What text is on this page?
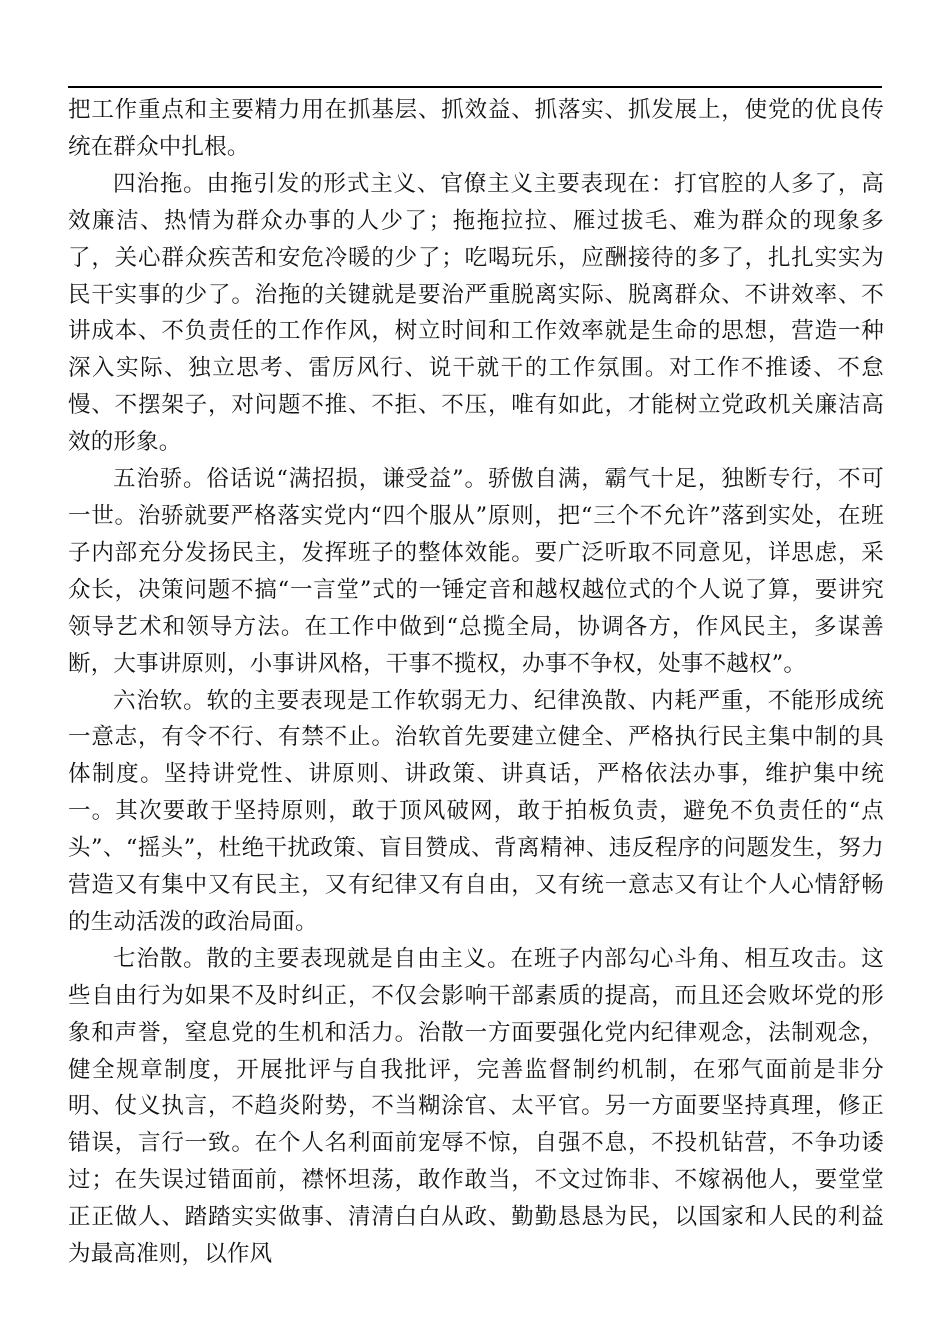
把工作重点和主要精力用在抓基层、抓效益、抓落实、抓发展上，使党的优良传统在群众中扎根。

四治拖。由拖引发的形式主义、官僚主义主要表现在：打官腔的人多了，高效廉洁、热情为群众办事的人少了；拖拖拉拉、雁过拔毛、难为群众的现象多了，关心群众疾苦和安危冷暖的少了；吃喝玩乐，应酬接待的多了，扎扎实实为民干实事的少了。治拖的关键就是要治严重脱离实际、脱离群众、不讲效率、不讲成本、不负责任的工作作风，树立时间和工作效率就是生命的思想，营造一种深入实际、独立思考、雷厉风行、说干就干的工作氛围。对工作不推诿、不怠慢、不摆架子，对问题不推、不拒、不压，唯有如此，才能树立党政机关廉洁高效的形象。

五治骄。俗话说“满招损，谦受益”。骄傲自满，霸气十足，独断专行，不可一世。治骄就要严格落实党内“四个服从”原则，把“三个不允许”落到实处，在班子内部充分发扬民主，发挥班子的整体效能。要广泛听取不同意见，详思虑，采众长，决策问题不搞“一言堂”式的一锤定音和越权越位式的个人说了算，要讲究领导艺术和领导方法。在工作中做到“总揽全局，协调各方，作风民主，多谋善断，大事讲原则，小事讲风格，干事不揽权，办事不争权，处事不越权”。

六治软。软的主要表现是工作软弱无力、纪律涣散、内耗严重，不能形成统一意志，有令不行、有禁不止。治软首先要建立健全、严格执行民主集中制的具体制度。坚持讲党性、讲原则、讲政策、讲真话，严格依法办事，维护集中统一。其次要敢于坚持原则，敢于顶风破网，敢于拍板负责，避免不负责任的“点头”、“摇头”，杜绝干扰政策、盲目赞成、背离精神、违反程序的问题发生，努力营造又有集中又有民主，又有纪律又有自由，又有统一意志又有让个人心情舒畅的生动活泼的政治局面。

七治散。散的主要表现就是自由主义。在班子内部勾心斗角、相互攻击。这些自由行为如果不及时纠正，不仅会影响干部素质的提高，而且还会败坏党的形象和声誉，窒息党的生机和活力。治散一方面要强化党内纪律观念，法制观念，健全规章制度，开展批评与自我批评，完善监督制约机制，在邪气面前是非分明、仗义执言，不趋炎附势，不当糊涂官、太平官。另一方面要坚持真理，修正错误，言行一致。在个人名利面前宠辱不惊，自强不息，不投机钻营，不争功诿过；在失误过错面前，襟怀坦荡，敢作敢当，不文过饰非、不嫁祸他人，要堂堂正正做人、踏踏实实做事、清清白白从政、勤勤恳恳为民，以国家和人民的利益为最高准则，以作风
